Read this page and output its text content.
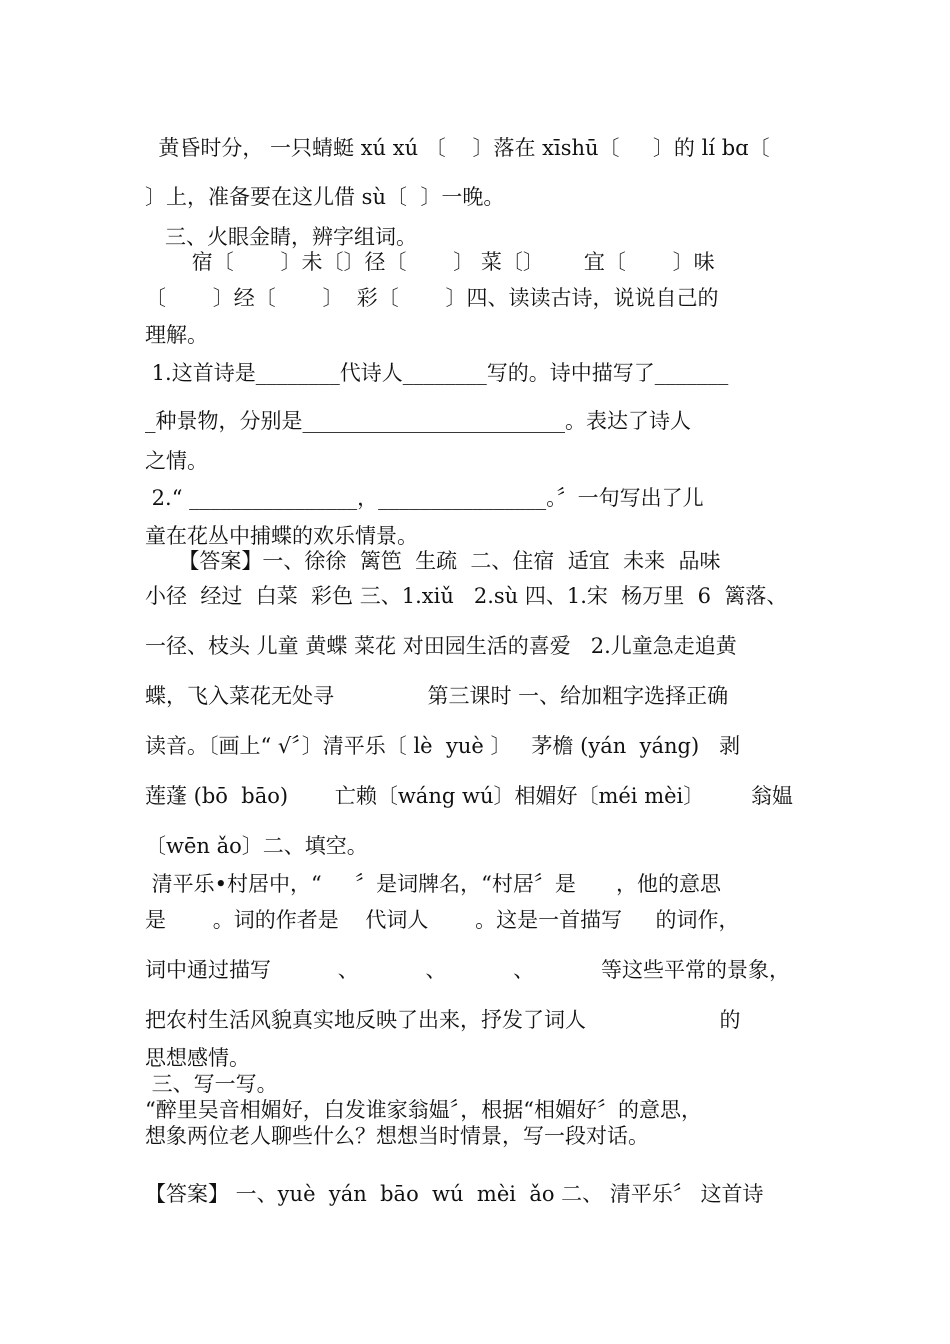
黄昏时分， 一只蜻蜓 xú xú 〔    〕落在 xīshū〔     〕的 lí bɑ〔
〕上，准备要在这儿借 sù〔  〕一晚。
三、火眼金睛，辨字组词。
宿〔       〕未〔〕径〔       〕 菜〔〕      宜〔       〕味
〔       〕经〔       〕  彩〔       〕四、读读古诗，说说自己的
理解。
1.这首诗是________代诗人________写的。诗中描写了_______
_种景物，分别是_________________________。表达了诗人
之情。
2.“ ________________，________________。〞一句写出了儿
童在花丛中捕蝶的欢乐情景。
【答案】一、徐徐  篱笆  生疏  二、住宿  适宜  未来  品味
小径  经过  白菜  彩色 三、1.xiǔ   2.sù 四、1.宋  杨万里  6  篱落、
一径、枝头 儿童 黄蝶 菜花 对田园生活的喜爱   2.儿童急走追黄
蝶，飞入菜花无处寻              第三课时 一、给加粗字选择正确
读音。〔画上“ √〞〕清平乐〔 lè  yuè 〕   茅檐 (yán  yáng)   剥
莲蓬 (bō  bāo)       亡赖〔wáng wú〕相媚好〔méi mèi〕       翁媪
〔wēn ǎo〕二、填空。
清平乐•村居中，“     〞是词牌名，“村居〞是      ，他的意思
是       。词的作者是    代词人       。这是一首描写     的词作，
词中通过描写          、          、          、          等这些平常的景象，
把农村生活风貌真实地反映了出来，抒发了词人                    的
思想感情。
三、写一写。
“醉里吴音相媚好，白发谁家翁媪〞，根据“相媚好〞的意思，
想象两位老人聊些什么？想想当时情景，写一段对话。
【答案】 一、yuè  yán  bāo  wú  mèi  ǎo 二、 清平乐〞 这首诗
